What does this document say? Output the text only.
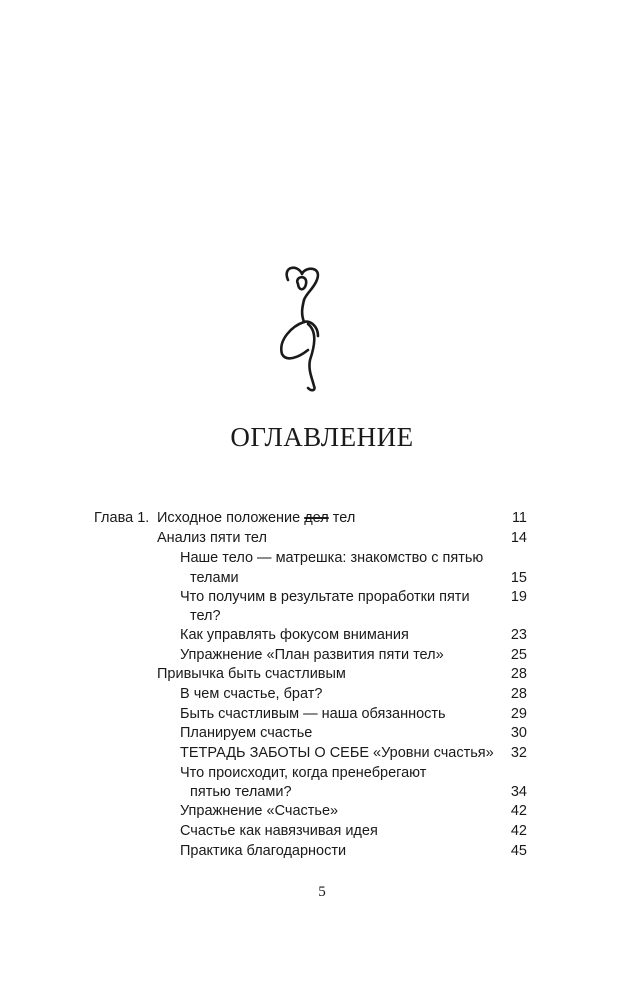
ОГЛАВЛЕНИЕ
Глава 1. Исходное положение дел тел	11
Анализ пяти тел	14
Наше тело — матрешка: знакомство с пятью
телами	15
Что получим в результате проработки пяти	19
тел?
Как управлять фокусом внимания	23
Упражнение «План развития пяти тел»	25
Привычка быть счастливым	28
В чем счастье, брат?	28
Быть счастливым — наша обязанность	29
Планируем счастье	30
ТЕТРАДЬ ЗАБОТЫ О СЕБЕ «Уровни счастья»	32
Что происходит, когда пренебрегают
пятью телами?	34
Упражнение «Счастье»	42
Счастье как навязчивая идея	42
Практика благодарности	45
5
